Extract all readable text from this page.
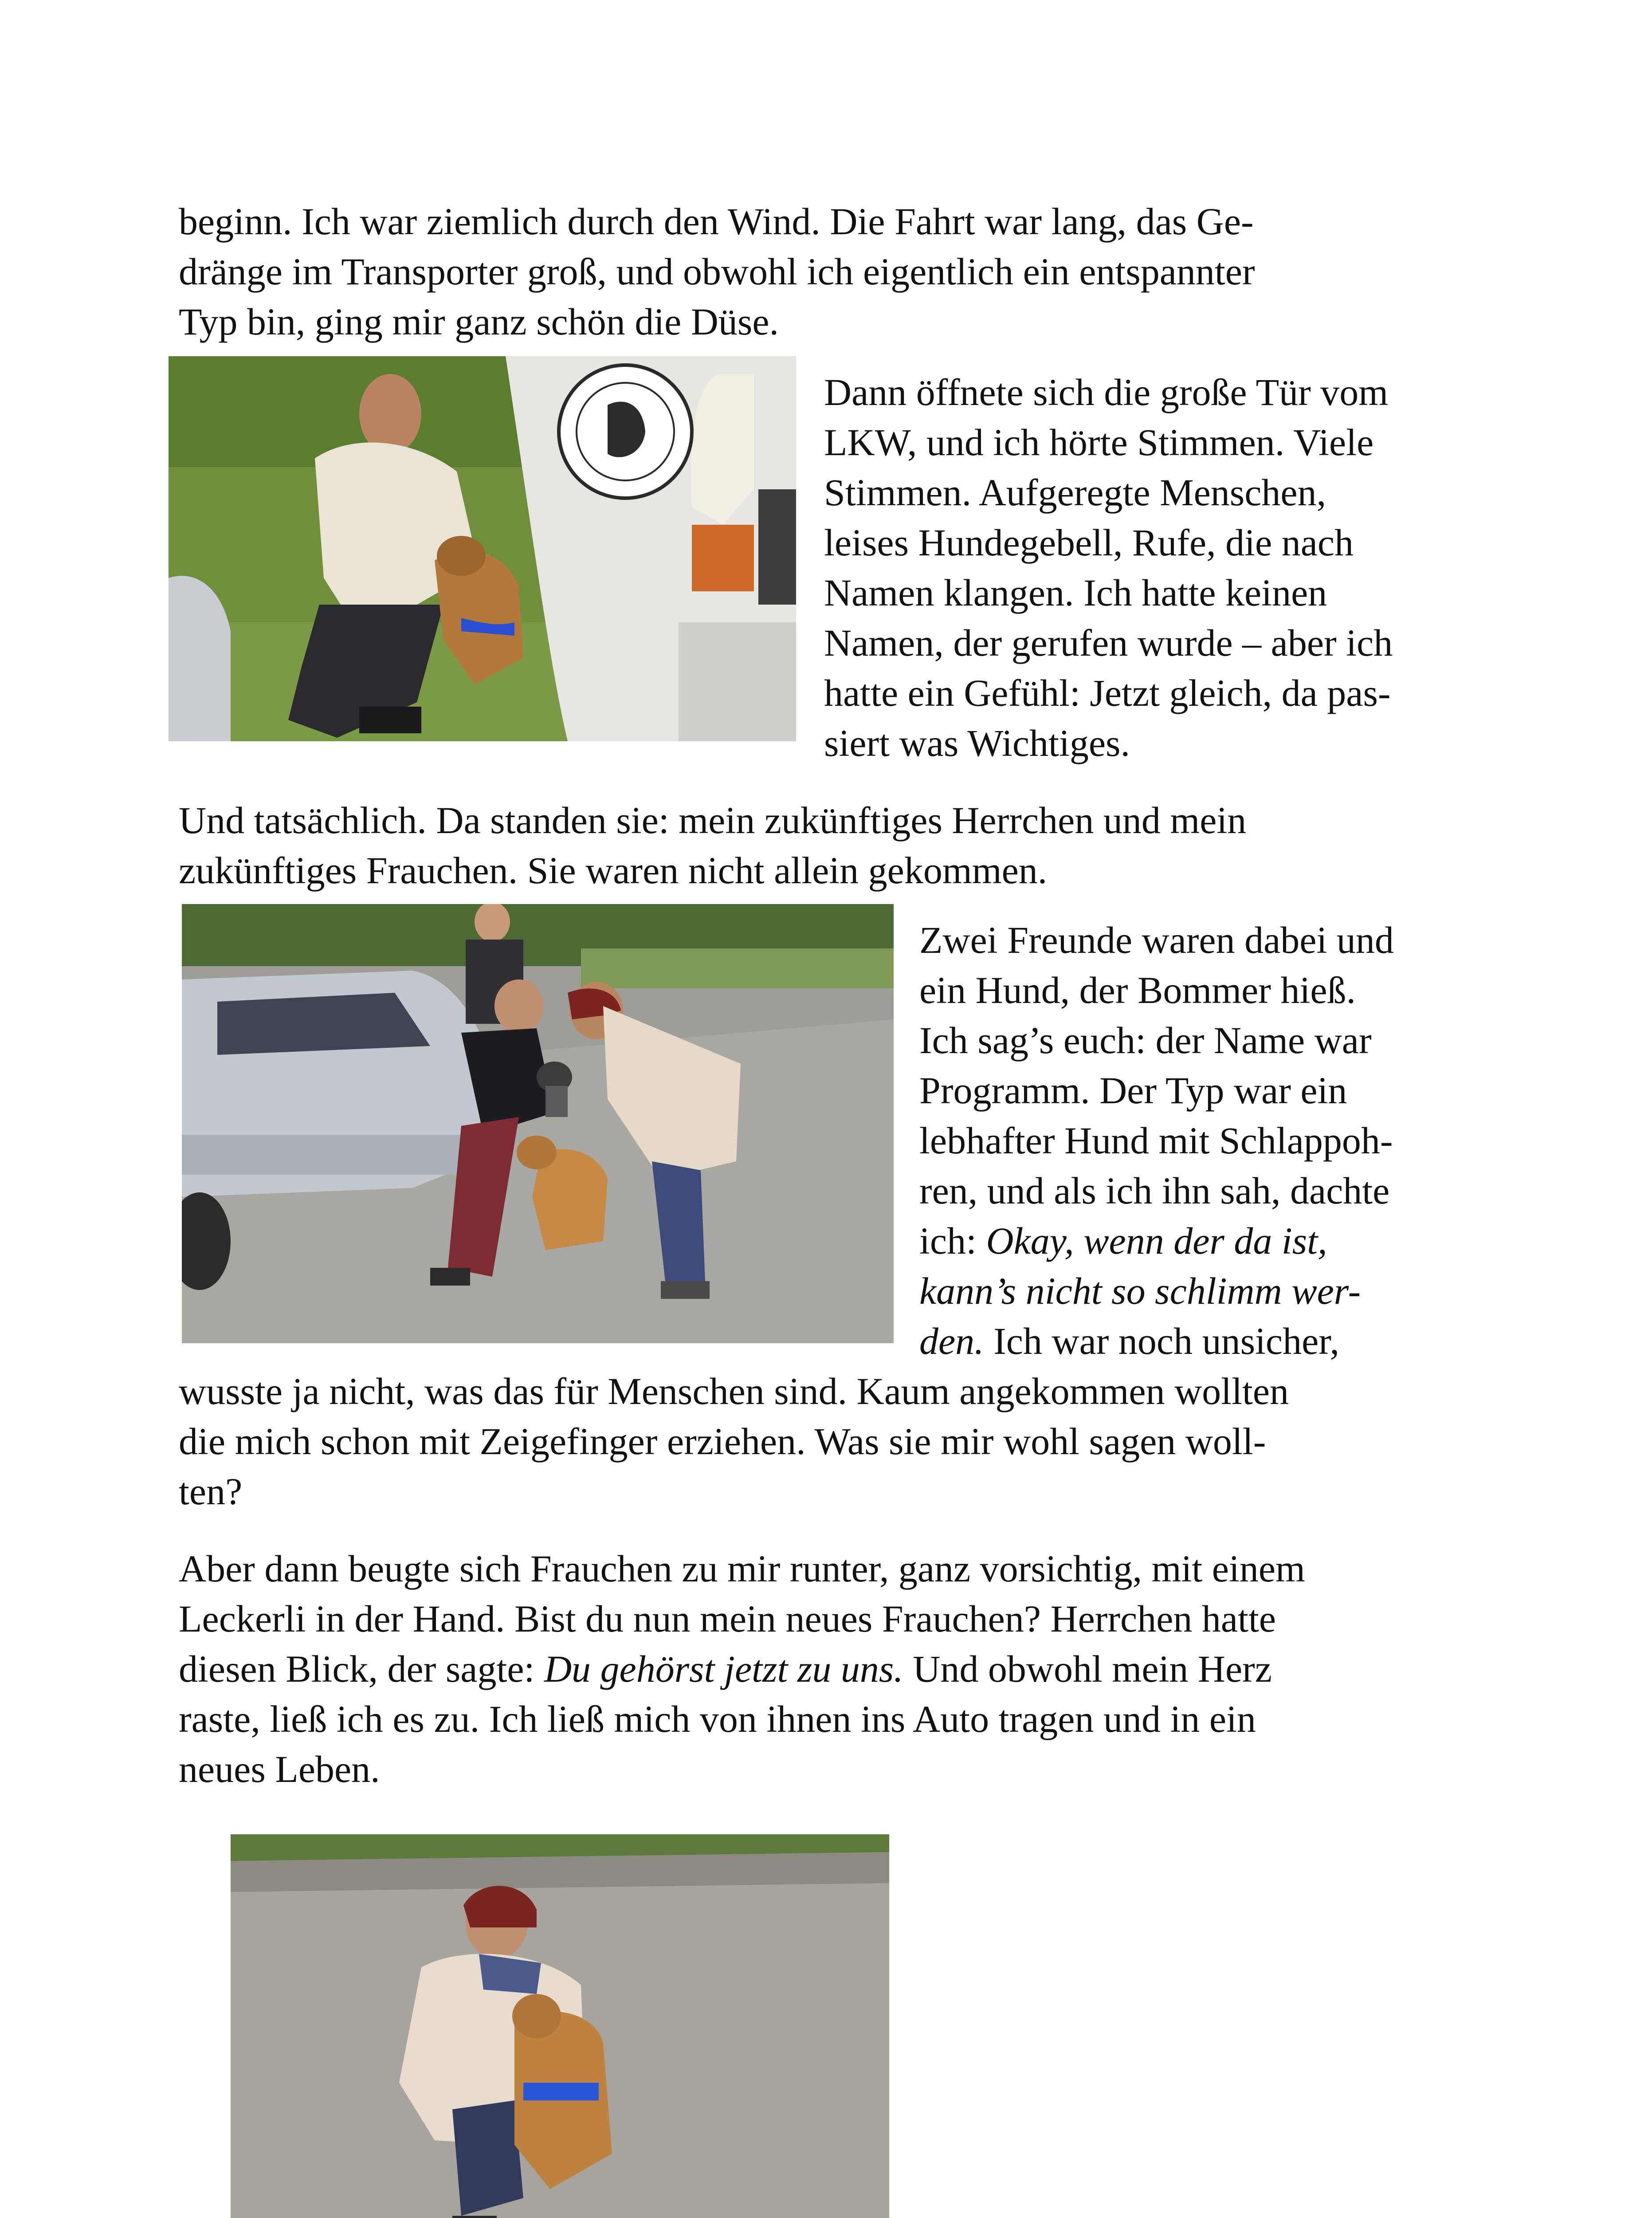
beginn. Ich war ziemlich durch den Wind. Die Fahrt war lang, das Ge-
dränge im Transporter groß, und obwohl ich eigentlich ein entspannter
Typ bin, ging mir ganz schön die Düse.
Dann öffnete sich die große Tür vom
LKW, und ich hörte Stimmen. Viele
Stimmen. Aufgeregte Menschen,
leises Hundegebell, Rufe, die nach
Namen klangen. Ich hatte keinen
Namen, der gerufen wurde – aber ich
hatte ein Gefühl: Jetzt gleich, da pas-
siert was Wichtiges.
Und tatsächlich. Da standen sie: mein zukünftiges Herrchen und mein
zukünftiges Frauchen. Sie waren nicht allein gekommen.
Zwei Freunde waren dabei und
ein Hund, der Bommer hieß.
Ich sag’s euch: der Name war
Programm. Der Typ war ein
lebhafter Hund mit Schlappoh-
ren, und als ich ihn sah, dachte
ich: Okay, wenn der da ist,
kann’s nicht so schlimm wer-
den. Ich war noch unsicher,
wusste ja nicht, was das für Menschen sind. Kaum angekommen wollten
die mich schon mit Zeigefinger erziehen. Was sie mir wohl sagen woll-
ten?
Aber dann beugte sich Frauchen zu mir runter, ganz vorsichtig, mit einem
Leckerli in der Hand. Bist du nun mein neues Frauchen? Herrchen hatte
diesen Blick, der sagte: Du gehörst jetzt zu uns. Und obwohl mein Herz
raste, ließ ich es zu. Ich ließ mich von ihnen ins Auto tragen und in ein
neues Leben.
